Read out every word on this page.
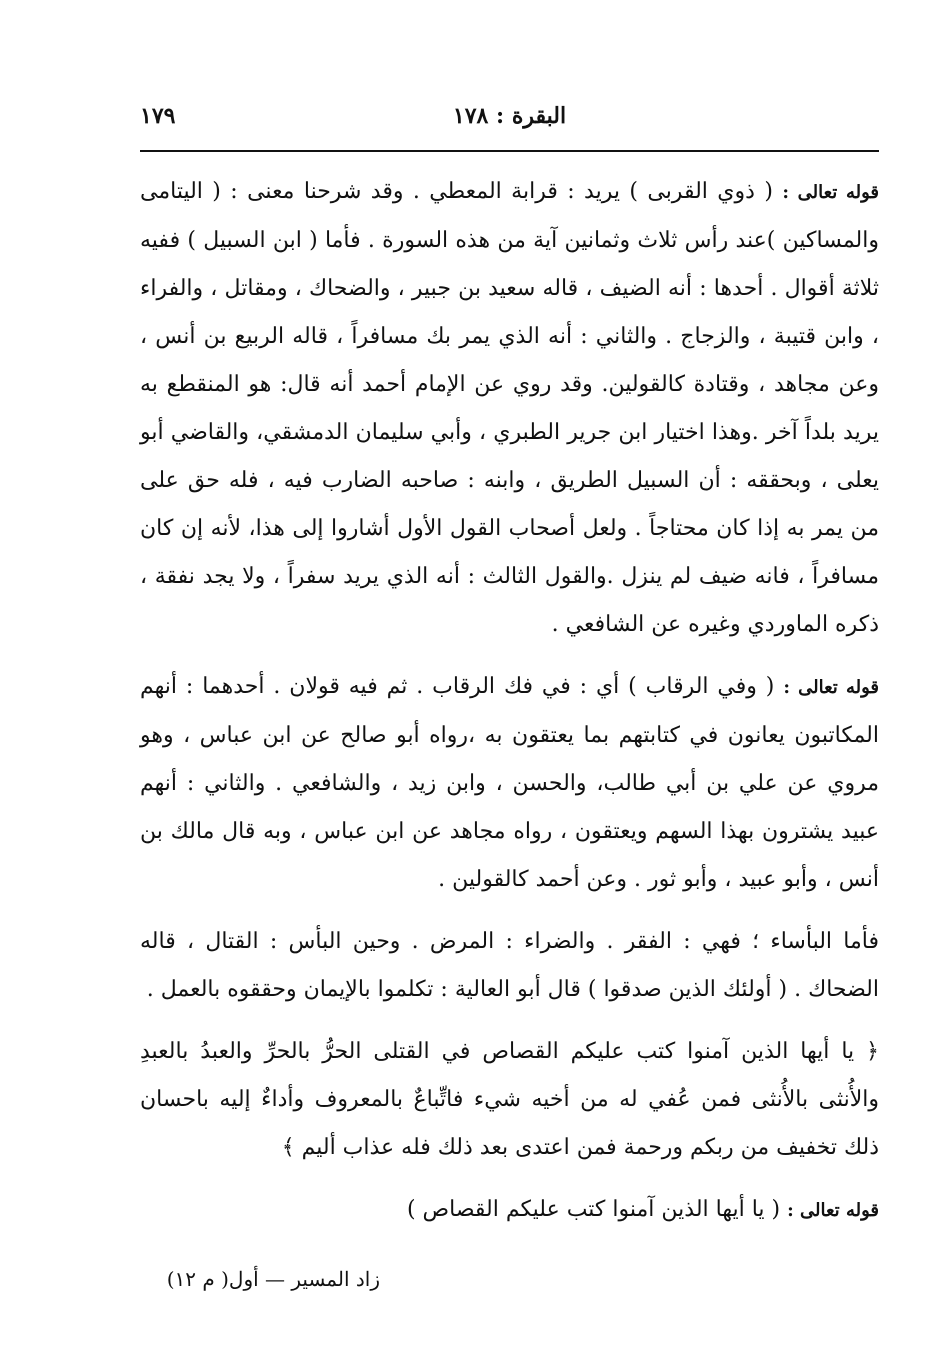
البقرة : ١٧٨
١٧٩

قوله تعالى : ( ذوي القربى ) يريد : قرابة المعطي . وقد شرحنا معنى : ( اليتامى والمساكين )عند رأس ثلاث وثمانين آية من هذه السورة . فأما ( ابن السبيل ) ففيه ثلاثة أقوال . أحدها : أنه الضيف ، قاله سعيد بن جبير ، والضحاك ، ومقاتل ، والفراء ، وابن قتيبة ، والزجاج . والثاني : أنه الذي يمر بك مسافراً ، قاله الربيع بن أنس ، وعن مجاهد ، وقتادة كالقولين. وقد روي عن الإمام أحمد أنه قال: هو المنقطع به يريد بلداً آخر .وهذا اختيار ابن جرير الطبري ، وأبي سليمان الدمشقي، والقاضي أبو يعلى ، وبحققه : أن السبيل الطريق ، وابنه : صاحبه الضارب فيه ، فله حق على من يمر به إذا كان محتاجاً . ولعل أصحاب القول الأول أشاروا إلى هذا، لأنه إن كان مسافراً ، فانه ضيف لم ينزل .والقول الثالث : أنه الذي يريد سفراً ، ولا يجد نفقة ، ذكره الماوردي وغيره عن الشافعي .

قوله تعالى : ( وفي الرقاب ) أي : في فك الرقاب . ثم فيه قولان . أحدهما : أنهم المكاتبون يعانون في كتابتهم بما يعتقون به ،رواه أبو صالح عن ابن عباس ، وهو مروي عن علي بن أبي طالب، والحسن ، وابن زيد ، والشافعي . والثاني : أنهم عبيد يشترون بهذا السهم ويعتقون ، رواه مجاهد عن ابن عباس ، وبه قال مالك بن أنس ، وأبو عبيد ، وأبو ثور . وعن أحمد كالقولين .

فأما البأساء ؛ فهي : الفقر . والضراء : المرض . وحين البأس : القتال ، قاله الضحاك . ( أولئك الذين صدقوا ) قال أبو العالية : تكلموا بالإيمان وحققوه بالعمل .

﴿ يا أيها الذين آمنوا كتب عليكم القصاص في القتلى الحرُّ بالحرِّ والعبدُ بالعبدِ والأُنثى بالأُنثى فمن عُفي له من أخيه شيء فاتِّباعٌ بالمعروف وأداءٌ إليه باحسان ذلك تخفيف من ربكم ورحمة فمن اعتدى بعد ذلك فله عذاب أليم ﴾

قوله تعالى : ( يا أيها الذين آمنوا كتب عليكم القصاص )

زاد المسير — أول( م ١٢)
